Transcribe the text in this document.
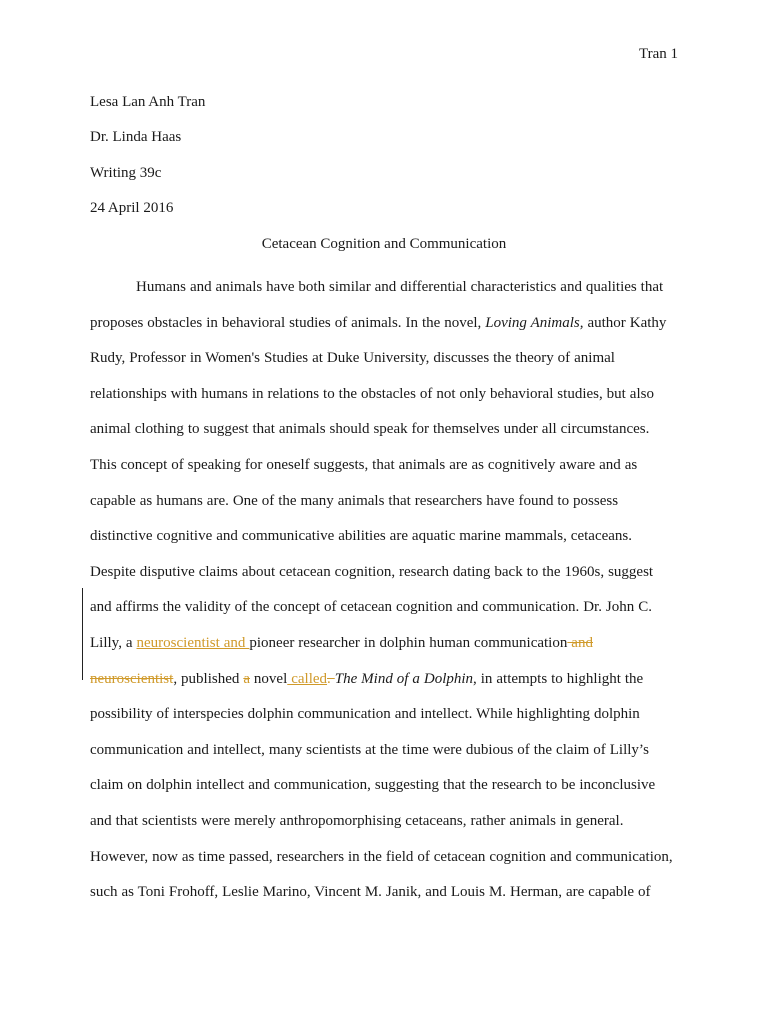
Tran 1
Lesa Lan Anh Tran
Dr. Linda Haas
Writing 39c
24 April 2016
Cetacean Cognition and Communication
Humans and animals have both similar and differential characteristics and qualities that
proposes obstacles in behavioral studies of animals. In the novel, Loving Animals, author Kathy
Rudy, Professor in Women's Studies at Duke University, discusses the theory of animal
relationships with humans in relations to the obstacles of not only behavioral studies, but also
animal clothing to suggest that animals should speak for themselves under all circumstances.
This concept of speaking for oneself suggests, that animals are as cognitively aware and as
capable as humans are. One of the many animals that researchers have found to possess
distinctive cognitive and communicative abilities are aquatic marine mammals, cetaceans.
Despite disputive claims about cetacean cognition, research dating back to the 1960s, suggest
and affirms the validity of the concept of cetacean cognition and communication. Dr. John C.
Lilly, a neuroscientist and pioneer researcher in dolphin human communication and
neuroscientist, published a novel called. The Mind of a Dolphin, in attempts to highlight the
possibility of interspecies dolphin communication and intellect. While highlighting dolphin
communication and intellect, many scientists at the time were dubious of the claim of Lilly’s
claim on dolphin intellect and communication, suggesting that the research to be inconclusive
and that scientists were merely anthropomorphising cetaceans, rather animals in general.
However, now as time passed, researchers in the field of cetacean cognition and communication,
such as Toni Frohoff, Leslie Marino, Vincent M. Janik, and Louis M. Herman, are capable of
